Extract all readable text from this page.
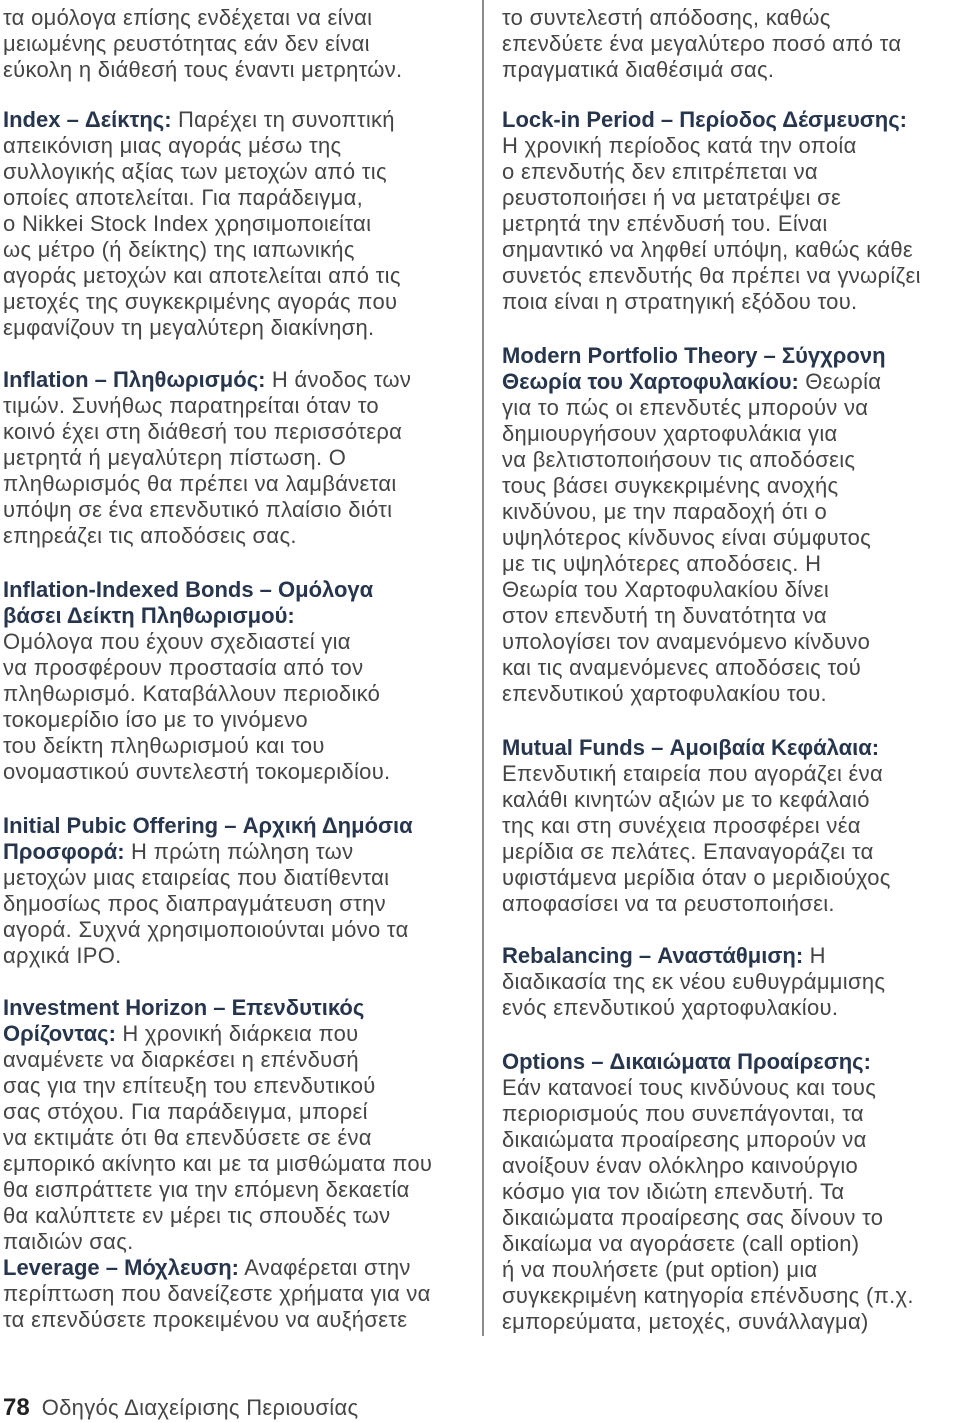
τα ομόλογα επίσης ενδέχεται να είναι
μειωμένης ρευστότητας εάν δεν είναι
εύκολη η διάθεσή τους έναντι μετρητών.
Index – Δείκτης: Παρέχει τη συνοπτική
απεικόνιση μιας αγοράς μέσω της
συλλογικής αξίας των μετοχών από τις
οποίες αποτελείται. Για παράδειγμα,
ο Nikkei Stock Index χρησιμοποιείται
ως μέτρο (ή δείκτης) της ιαπωνικής
αγοράς μετοχών και αποτελείται από τις
μετοχές της συγκεκριμένης αγοράς που
εμφανίζουν τη μεγαλύτερη διακίνηση.
Inflation – Πληθωρισμός: Η άνοδος των
τιμών. Συνήθως παρατηρείται όταν το
κοινό έχει στη διάθεσή του περισσότερα
μετρητά ή μεγαλύτερη πίστωση. Ο
πληθωρισμός θα πρέπει να λαμβάνεται
υπόψη σε ένα επενδυτικό πλαίσιο διότι
επηρεάζει τις αποδόσεις σας.
Inflation-Indexed Bonds – Ομόλογα
βάσει Δείκτη Πληθωρισμού:
Ομόλογα που έχουν σχεδιαστεί για
να προσφέρουν προστασία από τον
πληθωρισμό. Καταβάλλουν περιοδικό
τοκομερίδιο ίσο με το γινόμενο
του δείκτη πληθωρισμού και του
ονομαστικού συντελεστή τοκομεριδίου.
Initial Pubic Offering – Αρχική Δημόσια
Προσφορά: Η πρώτη πώληση των
μετοχών μιας εταιρείας που διατίθενται
δημοσίως προς διαπραγμάτευση στην
αγορά. Συχνά χρησιμοποιούνται μόνο τα
αρχικά IPO.
Investment Horizon – Επενδυτικός
Ορίζοντας: Η χρονική διάρκεια που
αναμένετε να διαρκέσει η επένδυσή
σας για την επίτευξη του επενδυτικού
σας στόχου. Για παράδειγμα, μπορεί
να εκτιμάτε ότι θα επενδύσετε σε ένα
εμπορικό ακίνητο και με τα μισθώματα που
θα εισπράττετε για την επόμενη δεκαετία
θα καλύπτετε εν μέρει τις σπουδές των
παιδιών σας.
Leverage – Μόχλευση: Αναφέρεται στην
περίπτωση που δανείζεστε χρήματα για να
τα επενδύσετε προκειμένου να αυξήσετε
το συντελεστή απόδοσης, καθώς
επενδύετε ένα μεγαλύτερο ποσό από τα
πραγματικά διαθέσιμά σας.
Lock-in Period – Περίοδος Δέσμευσης:
Η χρονική περίοδος κατά την οποία
ο επενδυτής δεν επιτρέπεται να
ρευστοποιήσει ή να μετατρέψει σε
μετρητά την επένδυσή του. Είναι
σημαντικό να ληφθεί υπόψη, καθώς κάθε
συνετός επενδυτής θα πρέπει να γνωρίζει
ποια είναι η στρατηγική εξόδου του.
Modern Portfolio Theory – Σύγχρονη
Θεωρία του Χαρτοφυλακίου: Θεωρία
για το πώς οι επενδυτές μπορούν να
δημιουργήσουν χαρτοφυλάκια για
να βελτιστοποιήσουν τις αποδόσεις
τους βάσει συγκεκριμένης ανοχής
κινδύνου, με την παραδοχή ότι ο
υψηλότερος κίνδυνος είναι σύμφυτος
με τις υψηλότερες αποδόσεις. Η
Θεωρία του Χαρτοφυλακίου δίνει
στον επενδυτή τη δυνατότητα να
υπολογίσει τον αναμενόμενο κίνδυνο
και τις αναμενόμενες αποδόσεις τού
επενδυτικού χαρτοφυλακίου του.
Mutual Funds – Αμοιβαία Κεφάλαια:
Επενδυτική εταιρεία που αγοράζει ένα
καλάθι κινητών αξιών με το κεφάλαιό
της και στη συνέχεια προσφέρει νέα
μερίδια σε πελάτες. Επαναγοράζει τα
υφιστάμενα μερίδια όταν ο μεριδιούχος
αποφασίσει να τα ρευστοποιήσει.
Rebalancing – Αναστάθμιση: Η
διαδικασία της εκ νέου ευθυγράμμισης
ενός επενδυτικού χαρτοφυλακίου.
Options – Δικαιώματα Προαίρεσης:
Εάν κατανοεί τους κινδύνους και τους
περιορισμούς που συνεπάγονται, τα
δικαιώματα προαίρεσης μπορούν να
ανοίξουν έναν ολόκληρο καινούργιο
κόσμο για τον ιδιώτη επενδυτή. Τα
δικαιώματα προαίρεσης σας δίνουν το
δικαίωμα να αγοράσετε (call option)
ή να πουλήσετε (put option) μια
συγκεκριμένη κατηγορία επένδυσης (π.χ.
εμπορεύματα, μετοχές, συνάλλαγμα)
78 Οδηγός Διαχείρισης Περιουσίας
